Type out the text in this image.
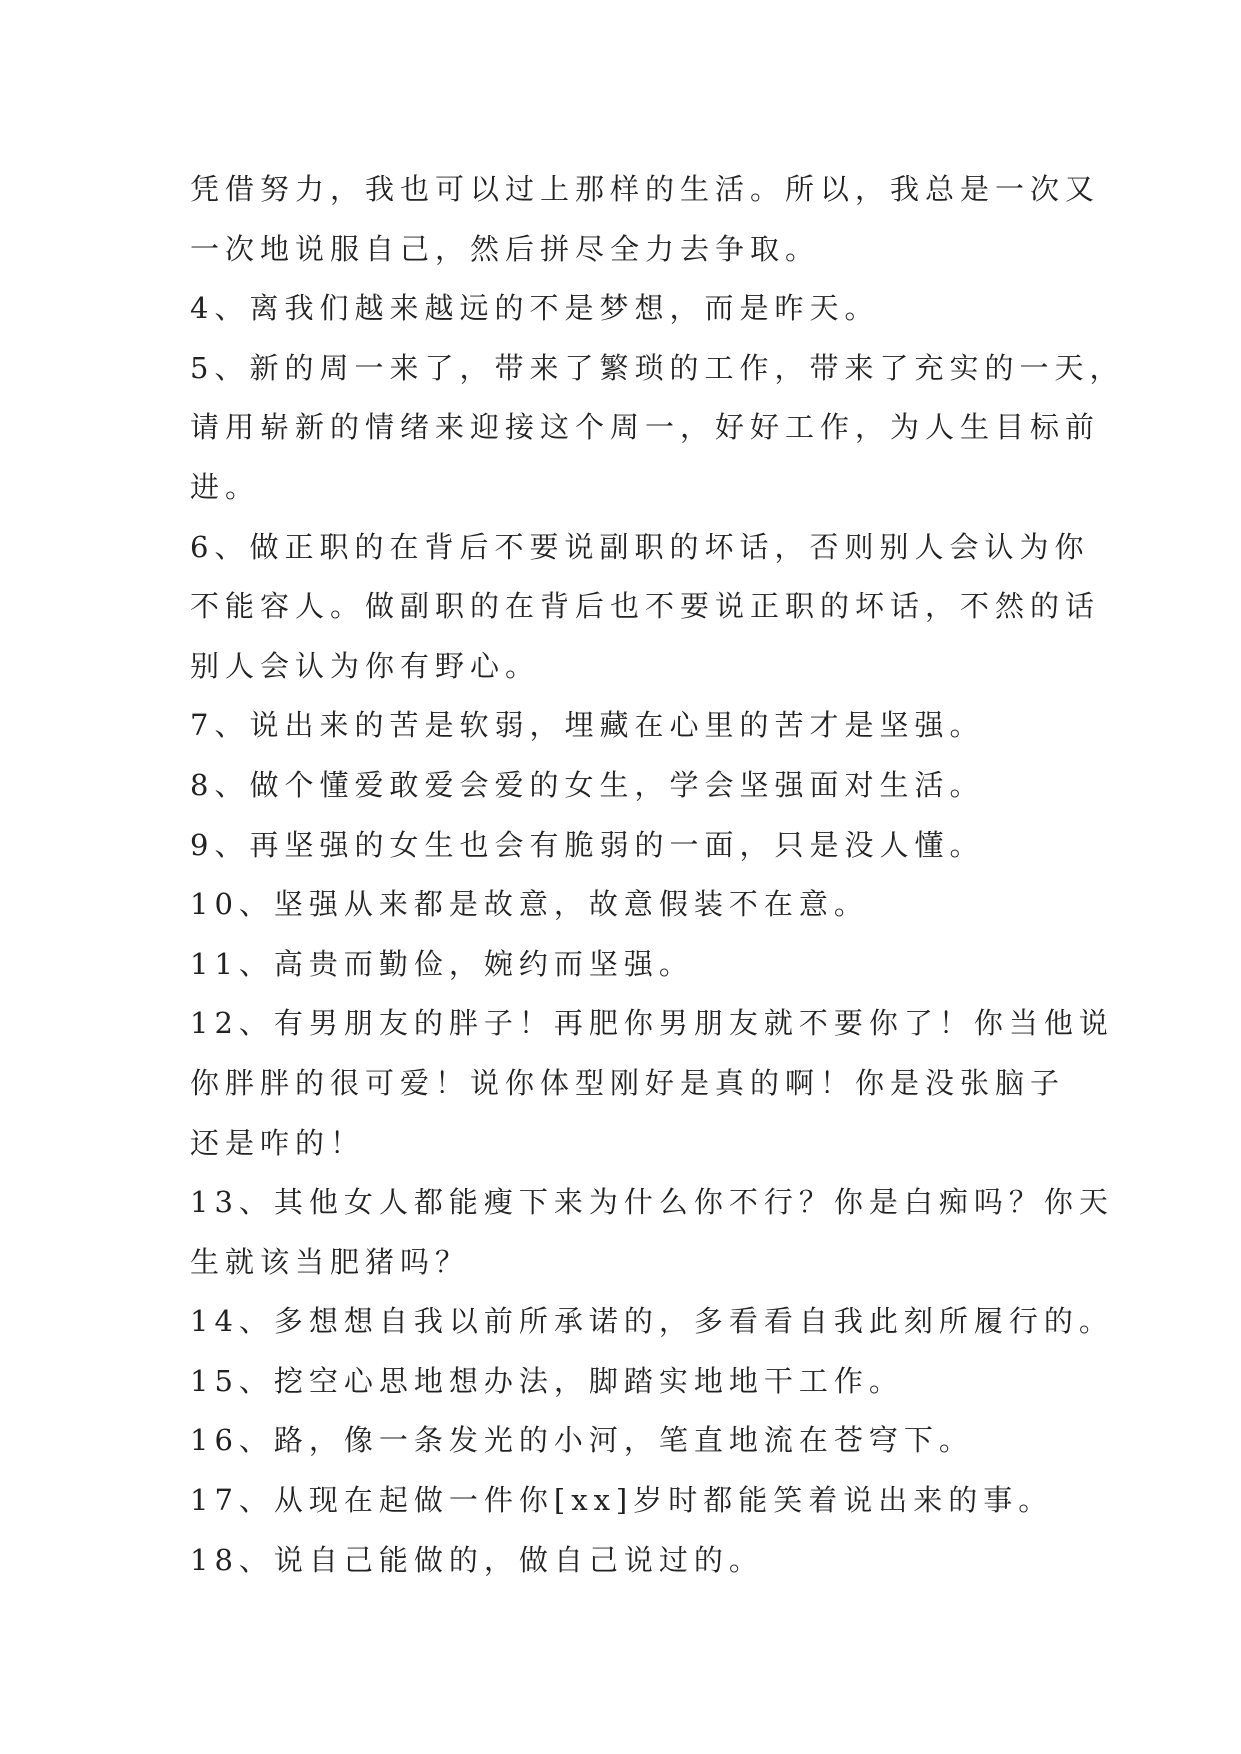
凭借努力，我也可以过上那样的生活。所以，我总是一次又
一次地说服自己，然后拼尽全力去争取。
4、离我们越来越远的不是梦想，而是昨天。
5、新的周一来了，带来了繁琐的工作，带来了充实的一天，
请用崭新的情绪来迎接这个周一，好好工作，为人生目标前
进。
6、做正职的在背后不要说副职的坏话，否则别人会认为你
不能容人。做副职的在背后也不要说正职的坏话，不然的话
别人会认为你有野心。
7、说出来的苦是软弱，埋藏在心里的苦才是坚强。
8、做个懂爱敢爱会爱的女生，学会坚强面对生活。
9、再坚强的女生也会有脆弱的一面，只是没人懂。
10、坚强从来都是故意，故意假装不在意。
11、高贵而勤俭，婉约而坚强。
12、有男朋友的胖子！再肥你男朋友就不要你了！你当他说
你胖胖的很可爱！说你体型刚好是真的啊！你是没张脑子
还是咋的！
13、其他女人都能瘦下来为什么你不行？你是白痴吗？你天
生就该当肥猪吗？
14、多想想自我以前所承诺的，多看看自我此刻所履行的。
15、挖空心思地想办法，脚踏实地地干工作。
16、路，像一条发光的小河，笔直地流在苍穹下。
17、从现在起做一件你[xx]岁时都能笑着说出来的事。
18、说自己能做的，做自己说过的。
